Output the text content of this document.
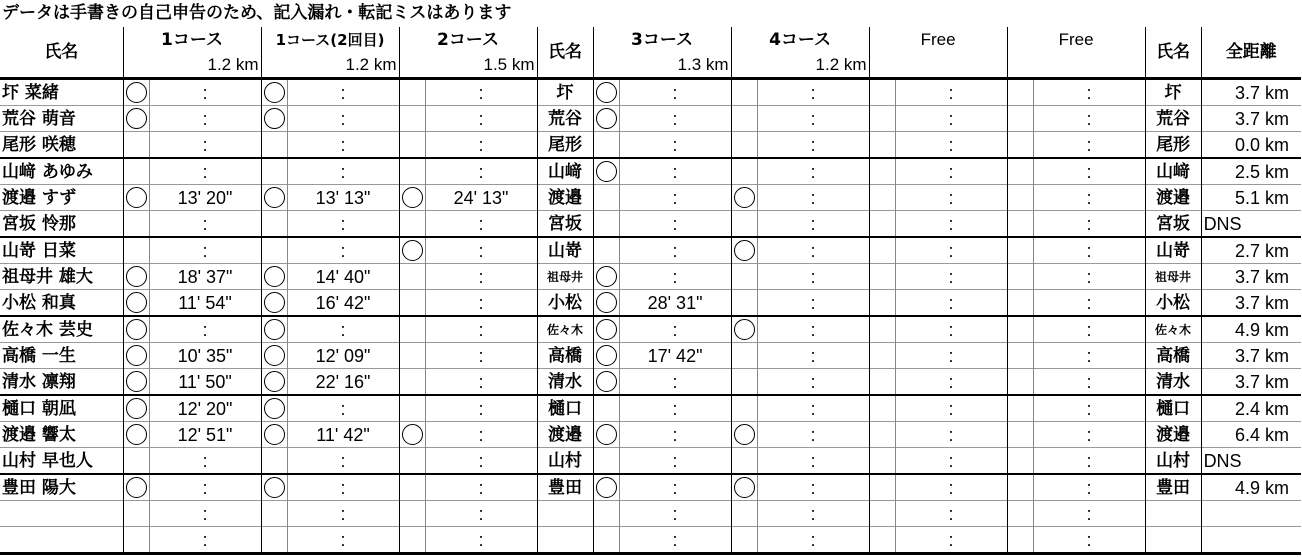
データは手書きの自己申告のため、記入漏れ・転記ミスはあります
氏名	1コース		1コース(2回目)		2コース		氏名	3コース		4コース		Free		Free		氏名	全距離
	1.2 km		1.2 km		1.5 km			1.3 km		1.2 km							
圷 菜緒		:		:		:	圷		:		:		:		:	圷	3.7 km
荒谷 萌音		:		:		:	荒谷		:		:		:		:	荒谷	3.7 km
尾形 咲穂		:		:		:	尾形		:		:		:		:	尾形	0.0 km
山﨑 あゆみ		:		:		:	山﨑		:		:		:		:	山﨑	2.5 km
渡邉 すず		13' 20"		13' 13"		24' 13"	渡邉		:		:		:		:	渡邉	5.1 km
宮坂 怜那		:		:		:	宮坂		:		:		:		:	宮坂	DNS
山嵜 日菜		:		:		:	山嵜		:		:		:		:	山嵜	2.7 km
祖母井 雄大		18' 37"		14' 40"		:	祖母井		:		:		:		:	祖母井	3.7 km
小松 和真		11' 54"		16' 42"		:	小松		28' 31"		:		:		:	小松	3.7 km
佐々木 芸史		:		:		:	佐々木		:		:		:		:	佐々木	4.9 km
高橋 一生		10' 35"		12' 09"		:	高橋		17' 42"		:		:		:	高橋	3.7 km
清水 凛翔		11' 50"		22' 16"		:	清水		:		:		:		:	清水	3.7 km
樋口 朝凪		12' 20"		:		:	樋口		:		:		:		:	樋口	2.4 km
渡邉 響太		12' 51"		11' 42"		:	渡邉		:		:		:		:	渡邉	6.4 km
山村 早也人		:		:		:	山村		:		:		:		:	山村	DNS
豊田 陽大		:		:		:	豊田		:		:		:		:	豊田	4.9 km
		:		:		:			:		:		:		:		
		:		:		:			:		:		:		:		
